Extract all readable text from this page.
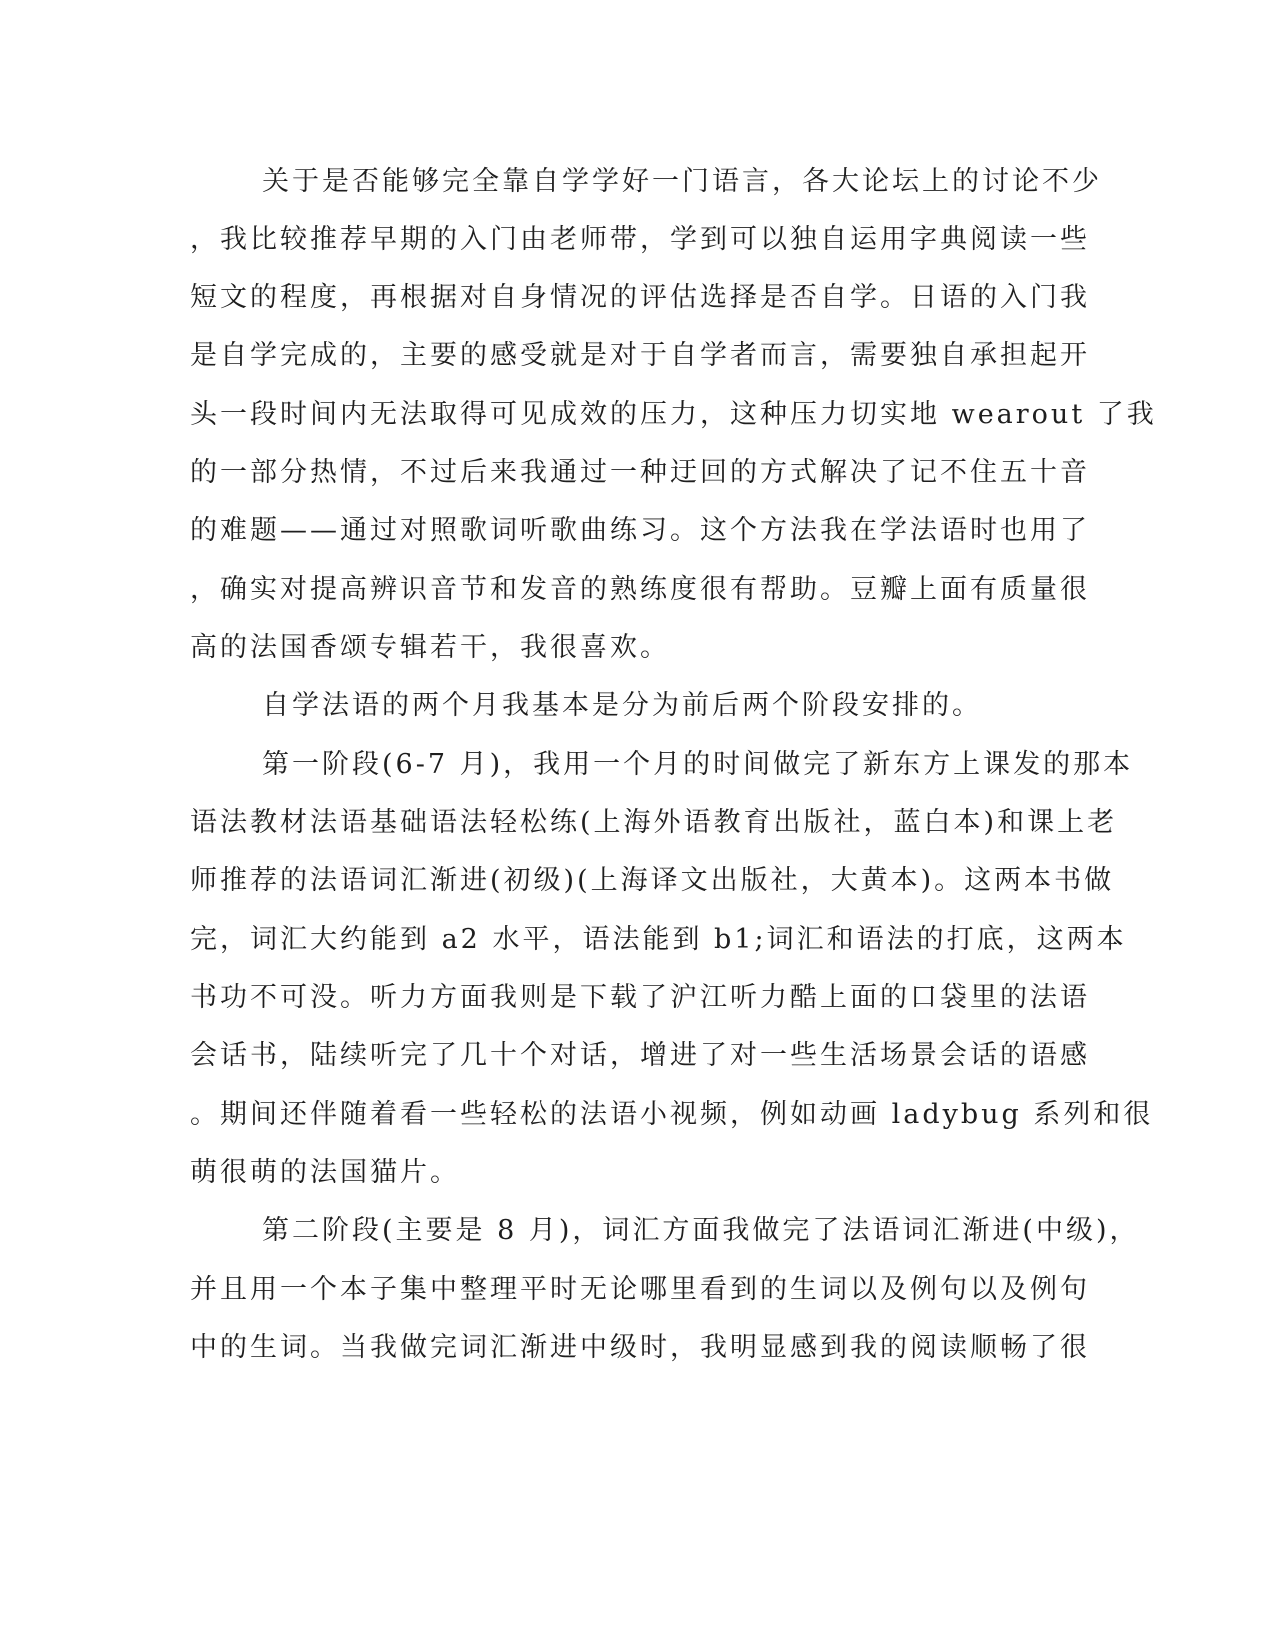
关于是否能够完全靠自学学好一门语言，各大论坛上的讨论不少
，我比较推荐早期的入门由老师带，学到可以独自运用字典阅读一些
短文的程度，再根据对自身情况的评估选择是否自学。日语的入门我
是自学完成的，主要的感受就是对于自学者而言，需要独自承担起开
头一段时间内无法取得可见成效的压力，这种压力切实地 wearout 了我
的一部分热情，不过后来我通过一种迂回的方式解决了记不住五十音
的难题——通过对照歌词听歌曲练习。这个方法我在学法语时也用了
，确实对提高辨识音节和发音的熟练度很有帮助。豆瓣上面有质量很
高的法国香颂专辑若干，我很喜欢。
自学法语的两个月我基本是分为前后两个阶段安排的。
第一阶段(6-7 月)，我用一个月的时间做完了新东方上课发的那本
语法教材法语基础语法轻松练(上海外语教育出版社，蓝白本)和课上老
师推荐的法语词汇渐进(初级)(上海译文出版社，大黄本)。这两本书做
完，词汇大约能到 a2 水平，语法能到 b1;词汇和语法的打底，这两本
书功不可没。听力方面我则是下载了沪江听力酷上面的口袋里的法语
会话书，陆续听完了几十个对话，增进了对一些生活场景会话的语感
。期间还伴随着看一些轻松的法语小视频，例如动画 ladybug 系列和很
萌很萌的法国猫片。
第二阶段(主要是 8 月)，词汇方面我做完了法语词汇渐进(中级)，
并且用一个本子集中整理平时无论哪里看到的生词以及例句以及例句
中的生词。当我做完词汇渐进中级时，我明显感到我的阅读顺畅了很
